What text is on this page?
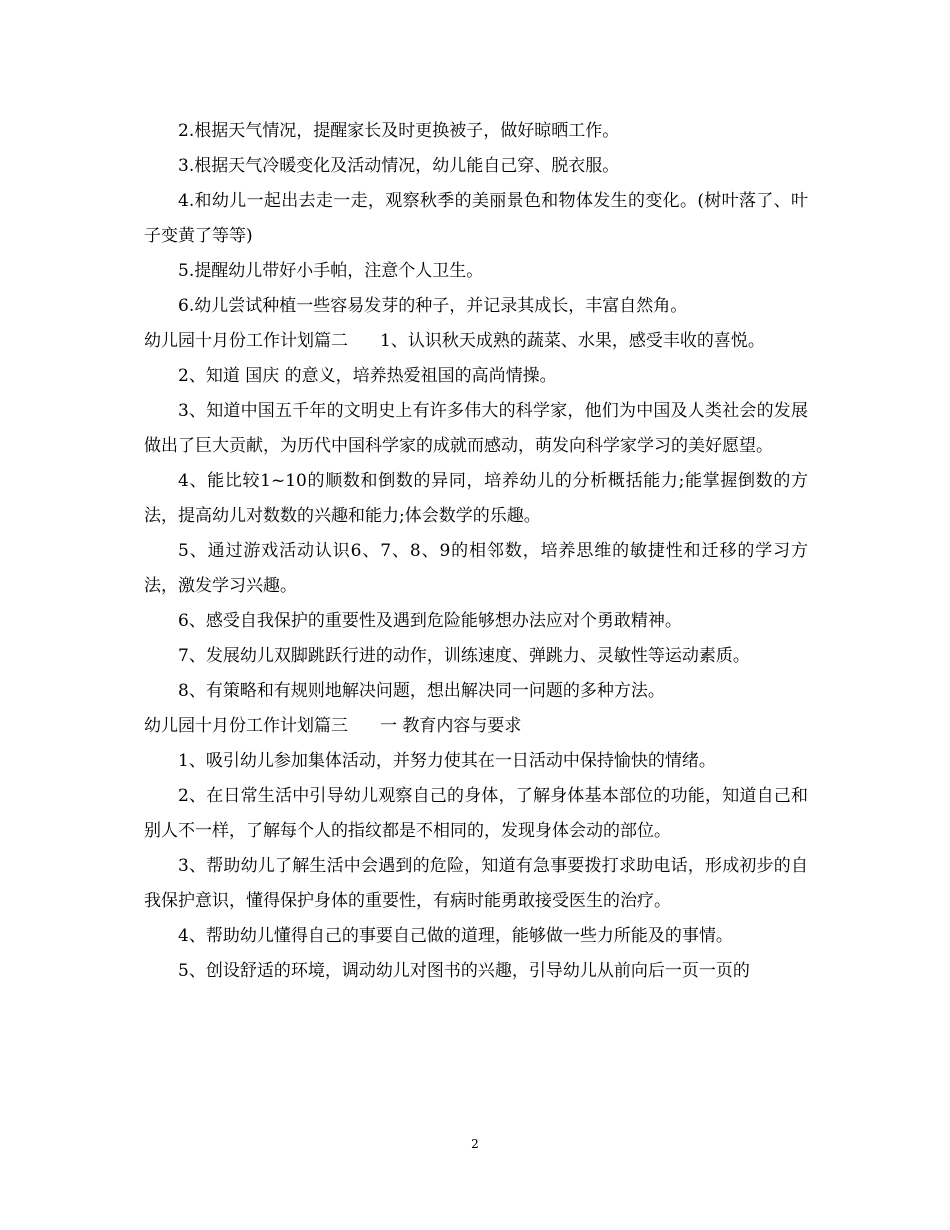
2.根据天气情况，提醒家长及时更换被子，做好晾晒工作。

3.根据天气冷暖变化及活动情况，幼儿能自己穿、脱衣服。

4.和幼儿一起出去走一走，观察秋季的美丽景色和物体发生的变化。(树叶落了、叶子变黄了等等)

5.提醒幼儿带好小手帕，注意个人卫生。

6.幼儿尝试种植一些容易发芽的种子，并记录其成长，丰富自然角。

幼儿园十月份工作计划篇二 1、认识秋天成熟的蔬菜、水果，感受丰收的喜悦。

2、知道 国庆 的意义，培养热爱祖国的高尚情操。

3、知道中国五千年的文明史上有许多伟大的科学家，他们为中国及人类社会的发展做出了巨大贡献，为历代中国科学家的成就而感动，萌发向科学家学习的美好愿望。

4、能比较1~10的顺数和倒数的异同，培养幼儿的分析概括能力;能掌握倒数的方法，提高幼儿对数数的兴趣和能力;体会数学的乐趣。

5、通过游戏活动认识6、7、8、9的相邻数，培养思维的敏捷性和迁移的学习方法，激发学习兴趣。

6、感受自我保护的重要性及遇到危险能够想办法应对个勇敢精神。

7、发展幼儿双脚跳跃行进的动作，训练速度、弹跳力、灵敏性等运动素质。

8、有策略和有规则地解决问题，想出解决同一问题的多种方法。

幼儿园十月份工作计划篇三 一 教育内容与要求

1、吸引幼儿参加集体活动，并努力使其在一日活动中保持愉快的情绪。

2、在日常生活中引导幼儿观察自己的身体，了解身体基本部位的功能，知道自己和别人不一样，了解每个人的指纹都是不相同的，发现身体会动的部位。

3、帮助幼儿了解生活中会遇到的危险，知道有急事要拨打求助电话，形成初步的自我保护意识，懂得保护身体的重要性，有病时能勇敢接受医生的治疗。

4、帮助幼儿懂得自己的事要自己做的道理，能够做一些力所能及的事情。

5、创设舒适的环境，调动幼儿对图书的兴趣，引导幼儿从前向后一页一页的

2
